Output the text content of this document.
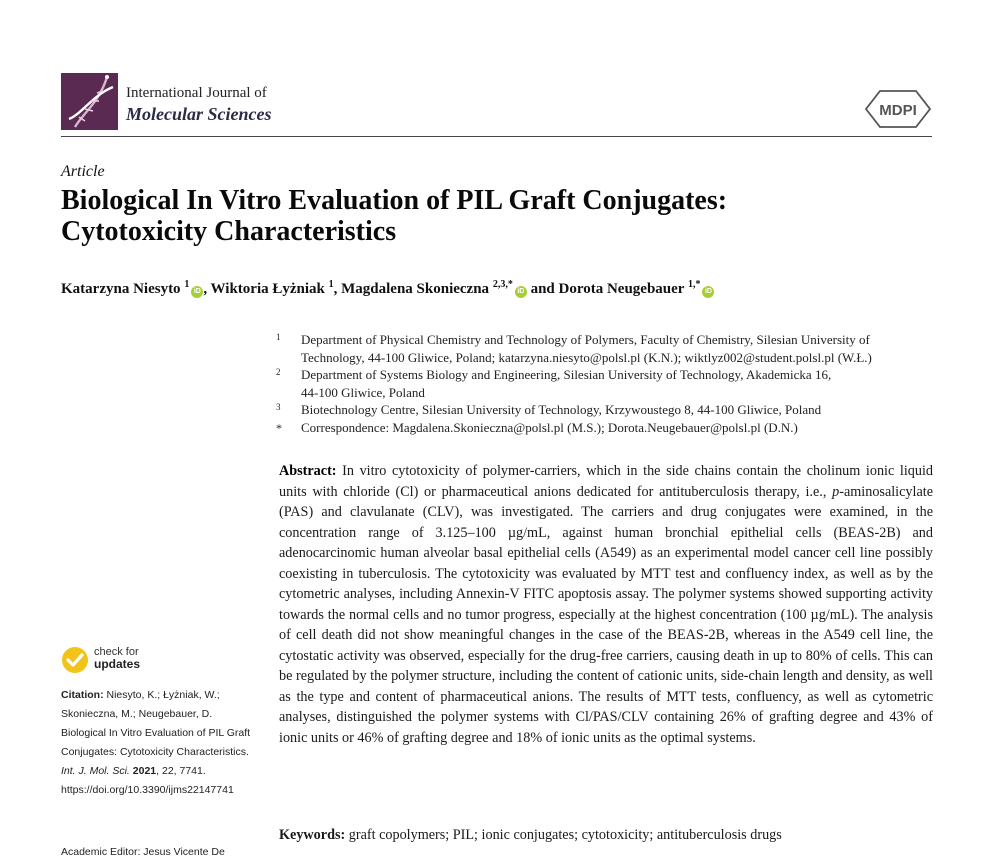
International Journal of
Molecular Sciences	MDPI
Article
Biological In Vitro Evaluation of PIL Graft Conjugates:
Cytotoxicity Characteristics
Katarzyna Niesyto $^1$iD , Wiktoria Łyżniak $^1$, Magdalena Skonieczna $^{2,3,*}$iD and Dorota Neugebauer $^{1,*}$iD
1	Department of Physical Chemistry and Technology of Polymers, Faculty of Chemistry, Silesian University of
Technology, 44-100 Gliwice, Poland; katarzyna.niesyto@polsl.pl (K.N.); wiktlyz002@student.polsl.pl (W.Ł.)
2	Department of Systems Biology and Engineering, Silesian University of Technology, Akademicka 16,
44-100 Gliwice, Poland
3	Biotechnology Centre, Silesian University of Technology, Krzywoustego 8, 44-100 Gliwice, Poland
*	Correspondence: Magdalena.Skonieczna@polsl.pl (M.S.); Dorota.Neugebauer@polsl.pl (D.N.)
Abstract: In vitro cytotoxicity of polymer-carriers, which in the side chains contain the cholinum ionic liquid units with chloride (Cl) or pharmaceutical anions dedicated for antituberculosis therapy, i.e., p-aminosalicylate (PAS) and clavulanate (CLV), was investigated. The carriers and drug conjugates were examined, in the concentration range of 3.125–100 µg/mL, against human bronchial epithelial cells (BEAS-2B) and adenocarcinomic human alveolar basal epithelial cells (A549) as an experimental model cancer cell line possibly coexisting in tuberculosis. The cytotoxicity was evaluated by MTT test and confluency index, as well as by the cytometric analyses, including Annexin-V FITC apoptosis assay. The polymer systems showed supporting activity towards the normal cells and no tumor progress, especially at the highest concentration (100 µg/mL). The analysis of cell death did not show meaningful changes in the case of the BEAS-2B, whereas in the A549 cell line, the cytostatic activity was observed, especially for the drug-free carriers, causing death in up to 80% of cells. This can be regulated by the polymer structure, including the content of cationic units, side-chain length and density, as well as the type and content of pharmaceutical anions. The results of MTT tests, confluency, as well as cytometric analyses, distinguished the polymer systems with Cl/PAS/CLV containing 26% of grafting degree and 43% of ionic units or 46% of grafting degree and 18% of ionic units as the optimal systems.
Keywords: graft copolymers; PIL; ionic conjugates; cytotoxicity; antituberculosis drugs
check for
updates
Citation: Niesyto, K.; Łyżniak, W.; Skonieczna, M.; Neugebauer, D. Biological In Vitro Evaluation of PIL Graft Conjugates: Cytotoxicity Characteristics. Int. J. Mol. Sci. 2021, 22, 7741. https://doi.org/10.3390/ijms22147741
Academic Editor: Jesus Vicente De
